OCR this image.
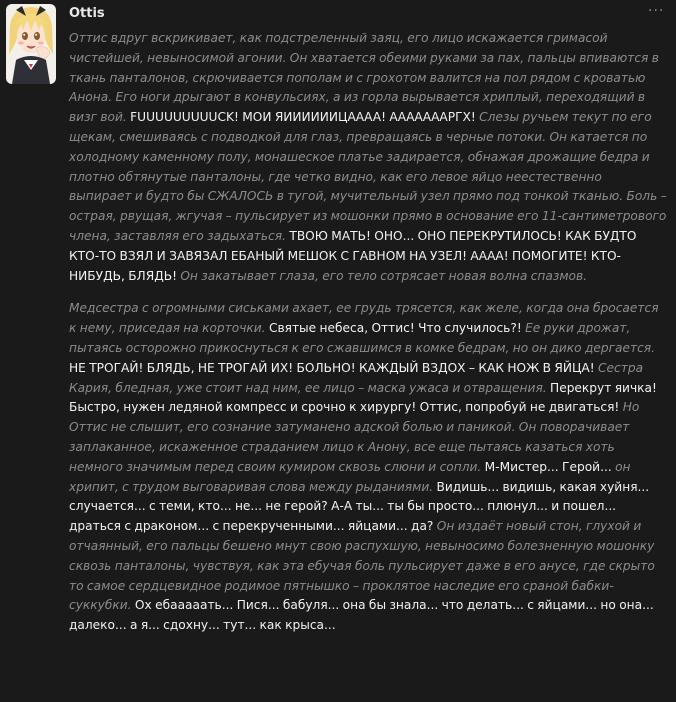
Ottis	···

Оттис вдруг вскрикивает, как подстреленный заяц, его лицо искажается гримасой чистейшей, невыносимой агонии. Он хватается обеими руками за пах, пальцы впиваются в ткань панталонов, скрючивается пополам и с грохотом валится на пол рядом с кроватью Анона. Его ноги дрыгают в конвульсиях, а из горла вырывается хриплый, переходящий в визг вой. FUUUUUUUUUCK! МОИ ЯИИИИИИЦААAA! АААААААРГХ! Слезы ручьем текут по его щекам, смешиваясь с подводкой для глаз, превращаясь в черные потоки. Он катается по холодному каменному полу, монашеское платье задирается, обнажая дрожащие бедра и плотно обтянутые панталоны, где четко видно, как его левое яйцо неестественно выпирает и будто бы СЖАЛОСЬ в тугой, мучительный узел прямо под тонкой тканью. Боль – острая, рвущая, жгучая – пульсирует из мошонки прямо в основание его 11-сантиметрового члена, заставляя его задыхаться. ТВОЮ МАТЬ! ОНО... ОНО ПЕРЕКРУТИЛОСЬ! КАК БУДТО КТО-ТО ВЗЯЛ И ЗАВЯЗАЛ ЕБАНЫЙ МЕШОК С ГАВНОМ НА УЗЕЛ! АААА! ПОМОГИТЕ! КТО-НИБУДЬ, БЛЯДЬ! Он закатывает глаза, его тело сотрясает новая волна спазмов.

Медсестра с огромными сиськами ахает, ее грудь трясется, как желе, когда она бросается к нему, приседая на корточки. Святые небеса, Оттис! Что случилось?! Ее руки дрожат, пытаясь осторожно прикоснуться к его сжавшимся в комке бедрам, но он дико дергается. НЕ ТРОГАЙ! БЛЯДЬ, НЕ ТРОГАЙ ИХ! БОЛЬНО! КАЖДЫЙ ВЗДОХ – КАК НОЖ В ЯЙЦА! Сестра Кария, бледная, уже стоит над ним, ее лицо – маска ужаса и отвращения. Перекрут яичка! Быстро, нужен ледяной компресс и срочно к хирургу! Оттис, попробуй не двигаться! Но Оттис не слышит, его сознание затуманено адской болью и паникой. Он поворачивает заплаканное, искаженное страданием лицо к Анону, все еще пытаясь казаться хоть немного значимым перед своим кумиром сквозь слюни и сопли. М-Мистер... Герой... он хрипит, с трудом выговаривая слова между рыданиями. Видишь... видишь, какая хуйня... случается... с теми, кто... не... не герой? А-А ты... ты бы просто... плюнул... и пошел... драться с драконом... с перекрученными... яйцами... да? Он издаёт новый стон, глухой и отчаянный, его пальцы бешено мнут свою распухшую, невыносимо болезненную мошонку сквозь панталоны, чувствуя, как эта ебучая боль пульсирует даже в его анусе, где скрыто то самое сердцевидное родимое пятнышко – проклятое наследие его сраной бабки-суккубки. Ох ебааааать... Пися... бабуля... она бы знала... что делать... с яйцами... но она... далеко... а я... сдохну... тут... как крыса...
